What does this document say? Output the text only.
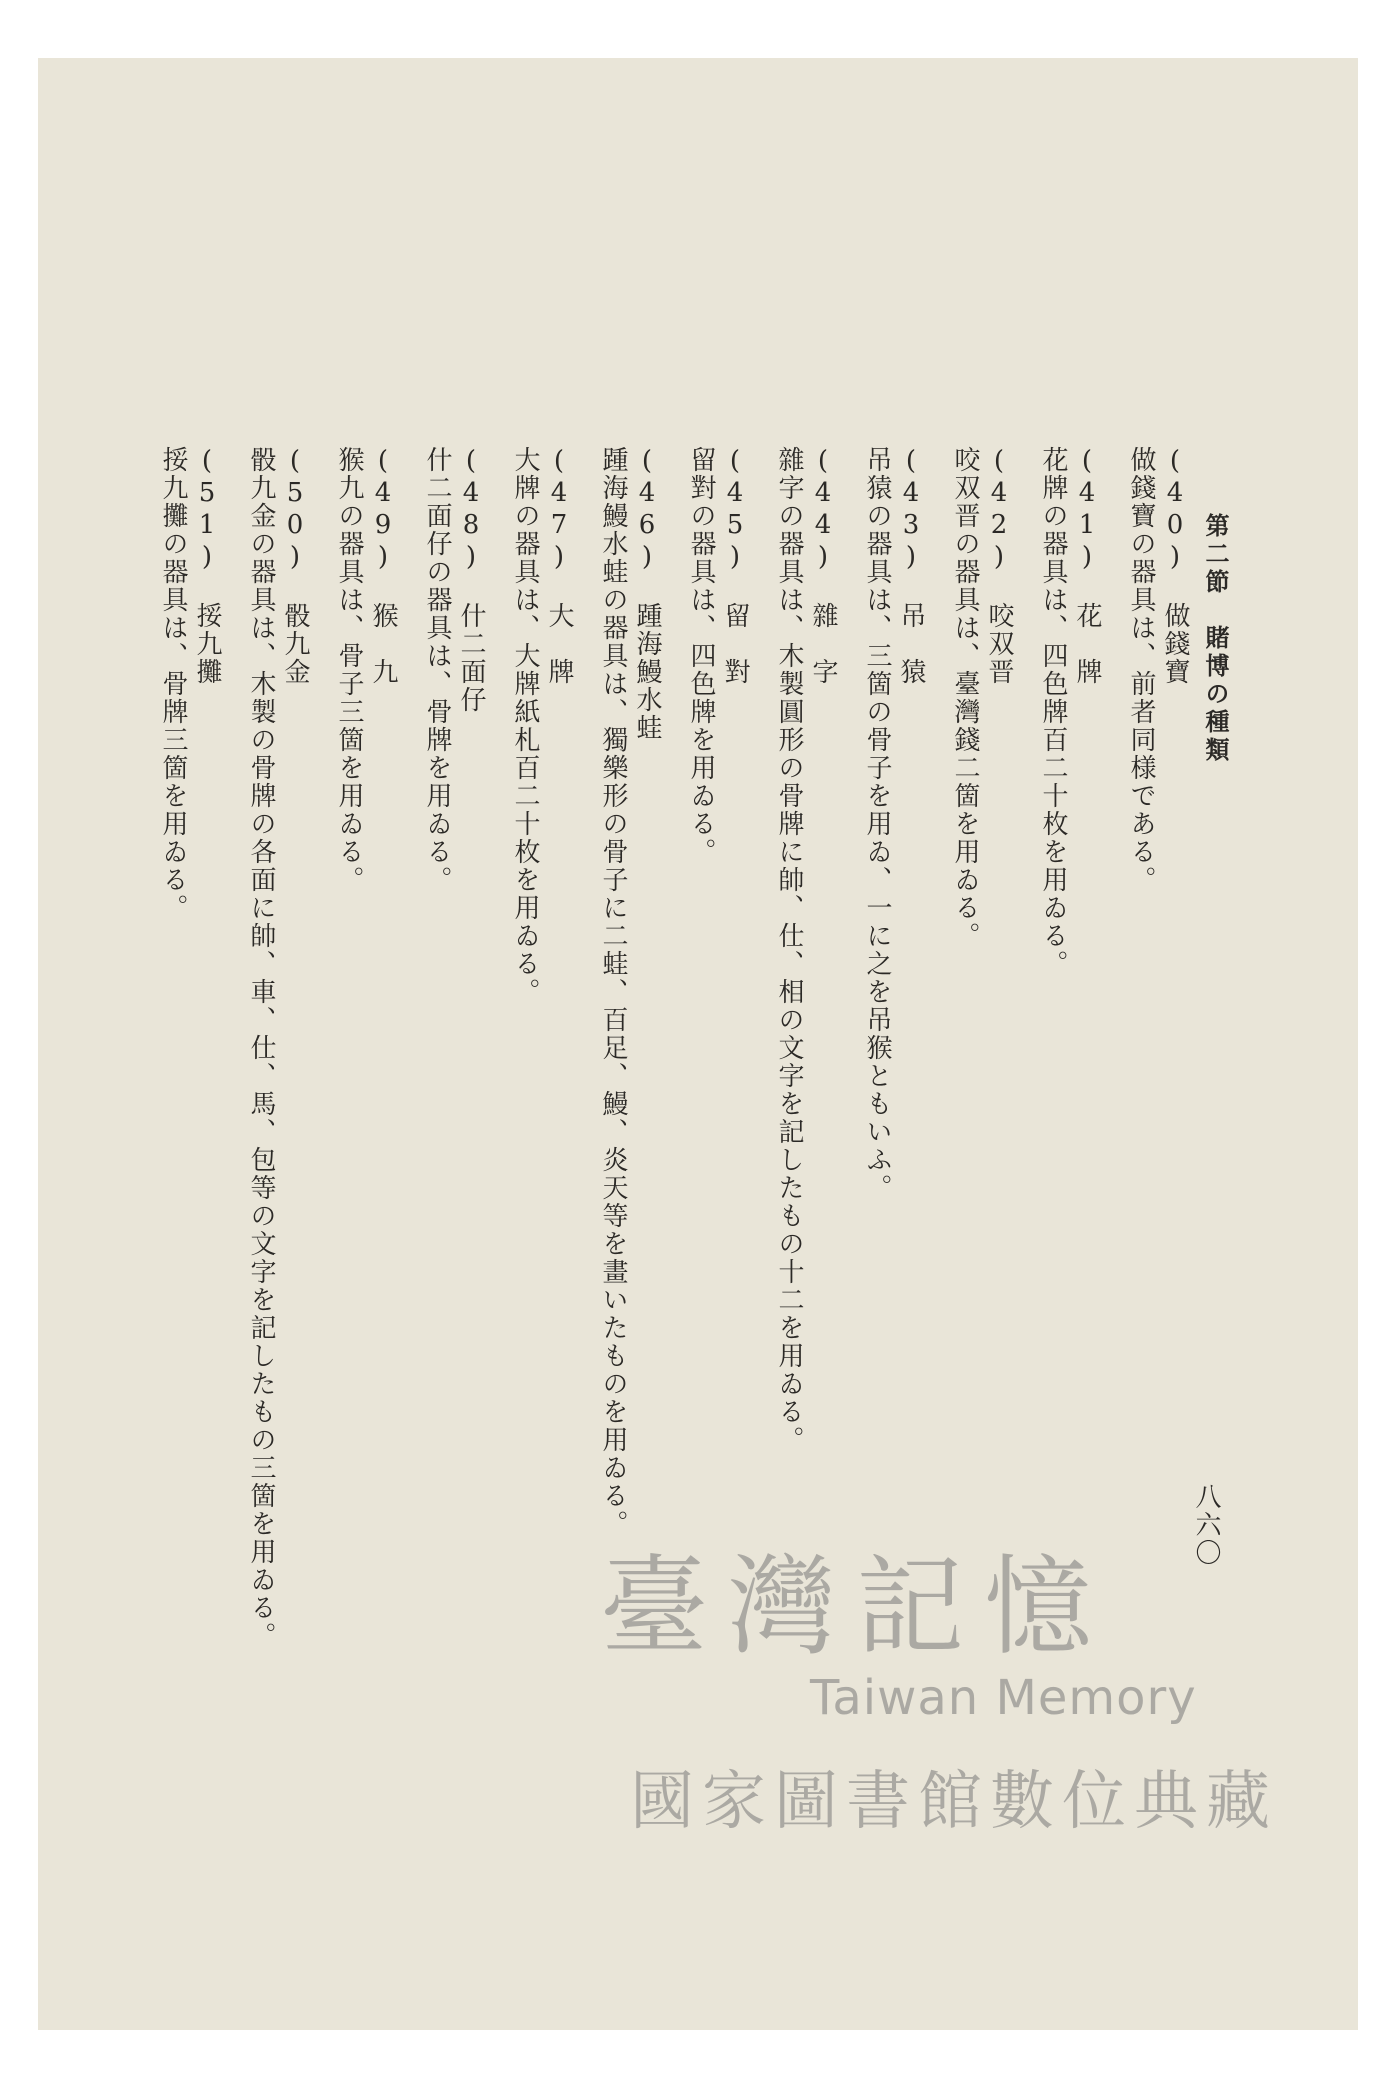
第二節　賭博の種類
(40)　做錢寶
做錢寶の器具は、前者同様である。
(41)　花　牌
花牌の器具は、四色牌百二十枚を用ゐる。
(42)　咬双晋
咬双晋の器具は、臺灣錢二箇を用ゐる。
(43)　吊　猿
吊猿の器具は、三箇の骨子を用ゐ、一に之を吊猴ともいふ。
(44)　雜　字
雜字の器具は、木製圓形の骨牌に帥、仕、相の文字を記したもの十二を用ゐる。
(45)　留　對
留對の器具は、四色牌を用ゐる。
(46)　踵海鰻水蛙
踵海鰻水蛙の器具は、獨樂形の骨子に二蛙、百足、鰻、炎天等を畫いたものを用ゐる。
(47)　大　牌
大牌の器具は、大牌紙札百二十枚を用ゐる。
(48)　什二面仔
什二面仔の器具は、骨牌を用ゐる。
(49)　猴　九
猴九の器具は、骨子三箇を用ゐる。
(50)　骰九金
骰九金の器具は、木製の骨牌の各面に帥、車、仕、馬、包等の文字を記したもの三箇を用ゐる。
(51)　挼九攤
挼九攤の器具は、骨牌三箇を用ゐる。
八六〇
臺灣記憶
Taiwan Memory
國家圖書館數位典藏
